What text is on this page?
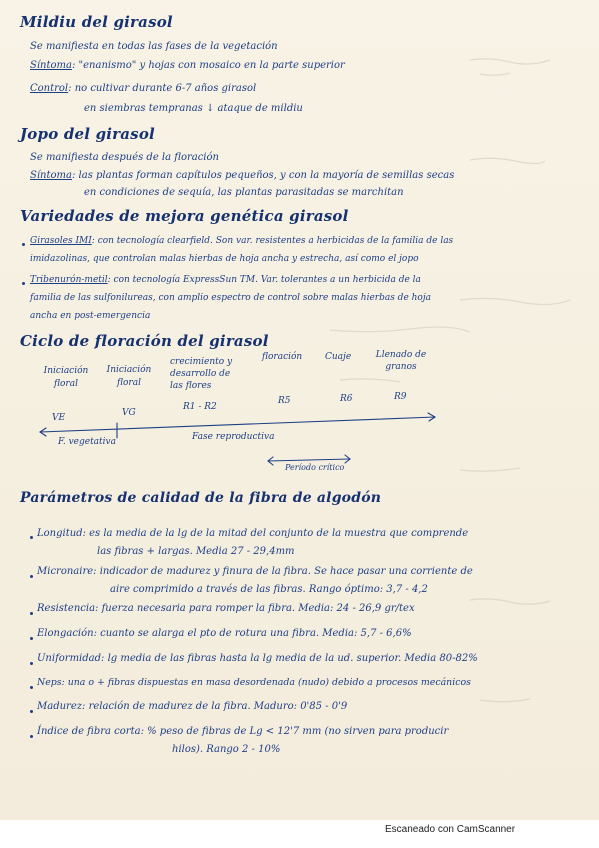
Mildiu del girasol
Se manifiesta en todas las fases de la vegetación
Síntoma: "enanismo" y hojas con mosaico en la parte superior
Control: no cultivar durante 6-7 años girasol
en siembras tempranas ↓ ataque de mildiu
Jopo del girasol
Se manifiesta después de la floración
Síntoma: las plantas forman capítulos pequeños, y con la mayoría de semillas secas
en condiciones de sequía, las plantas parasitadas se marchitan
Variedades de mejora genética girasol
Girasoles IMI: con tecnología clearfield. Son var. resistentes a herbicidas de la familia de las
imidazolinas, que controlan malas hierbas de hoja ancha y estrecha, así como el jopo
Tribenurón-metil: con tecnología ExpressSun TM. Var. tolerantes a un herbicida de la
familia de las sulfonilureas, con amplio espectro de control sobre malas hierbas de hoja
ancha en post-emergencia
Ciclo de floración del girasol
Iniciación
floral
Iniciación
floral
crecimiento y
desarrollo de
las flores
floración	Cuaje	Llenado de
granos
VE	VG
R1 - R2
R5	R6	R9
F. vegetativa	Fase reproductiva
Período crítico
Parámetros de calidad de la fibra de algodón
Longitud: es la media de la lg de la mitad del conjunto de la muestra que comprende
las fibras + largas. Media 27 - 29,4mm
Micronaire: indicador de madurez y finura de la fibra. Se hace pasar una corriente de
aire comprimido a través de las fibras. Rango óptimo: 3,7 - 4,2
Resistencia: fuerza necesaria para romper la fibra. Media: 24 - 26,9 gr/tex
Elongación: cuanto se alarga el pto de rotura una fibra. Media: 5,7 - 6,6%
Uniformidad: lg media de las fibras hasta la lg media de la ud. superior. Media 80-82%
Neps: una o + fibras dispuestas en masa desordenada (nudo) debido a procesos mecánicos
Madurez: relación de madurez de la fibra. Maduro: 0'85 - 0'9
Índice de fibra corta: % peso de fibras de Lg < 12'7 mm (no sirven para producir
hilos). Rango 2 - 10%
Escaneado con CamScanner
